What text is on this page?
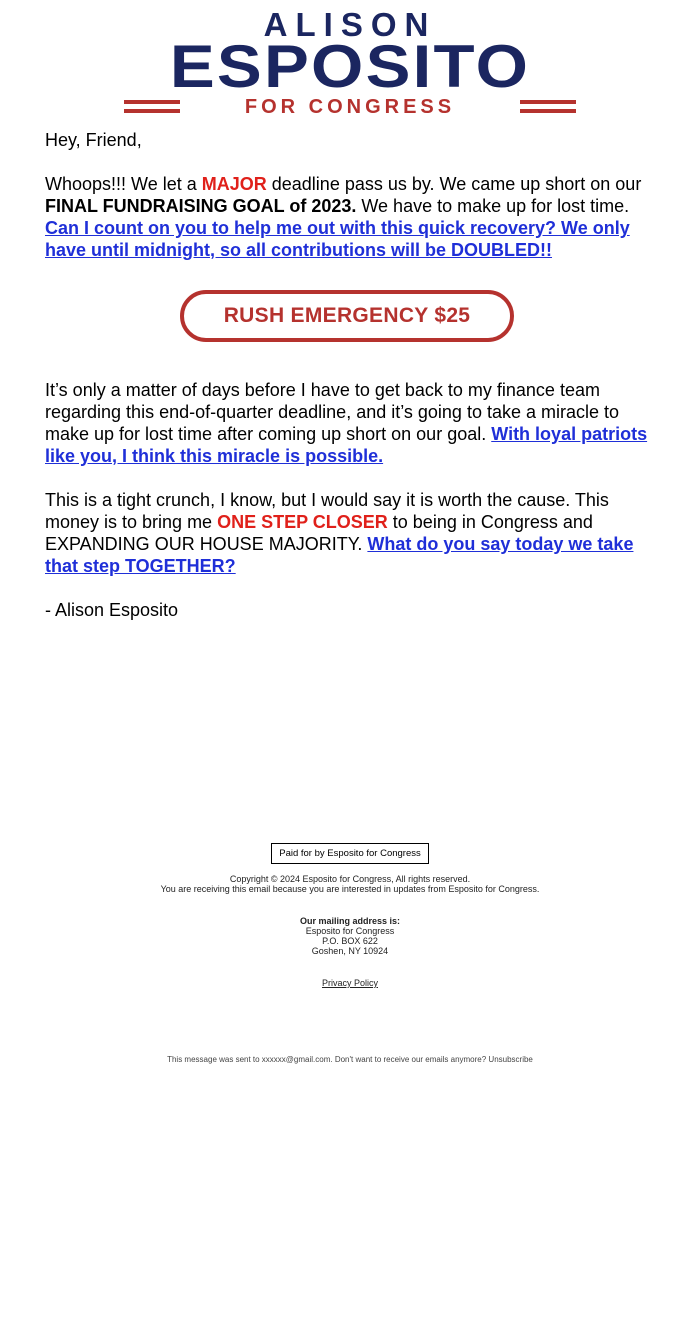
ALISON
ESPOSITO
FOR CONGRESS
Hey, Friend,
Whoops!!! We let a MAJOR deadline pass us by. We came up short on our FINAL FUNDRAISING GOAL of 2023. We have to make up for lost time. Can I count on you to help me out with this quick recovery? We only have until midnight, so all contributions will be DOUBLED!!
RUSH EMERGENCY $25
It’s only a matter of days before I have to get back to my finance team regarding this end-of-quarter deadline, and it’s going to take a miracle to make up for lost time after coming up short on our goal. With loyal patriots like you, I think this miracle is possible.
This is a tight crunch, I know, but I would say it is worth the cause. This money is to bring me ONE STEP CLOSER to being in Congress and EXPANDING OUR HOUSE MAJORITY. What do you say today we take that step TOGETHER?
- Alison Esposito
Paid for by Esposito for Congress
Copyright © 2024 Esposito for Congress, All rights reserved.
You are receiving this email because you are interested in updates from Esposito for Congress.
Our mailing address is:
Esposito for Congress
P.O. BOX 622
Goshen, NY 10924
Privacy Policy
This message was sent to xxxxxx@gmail.com. Don't want to receive our emails anymore? Unsubscribe
